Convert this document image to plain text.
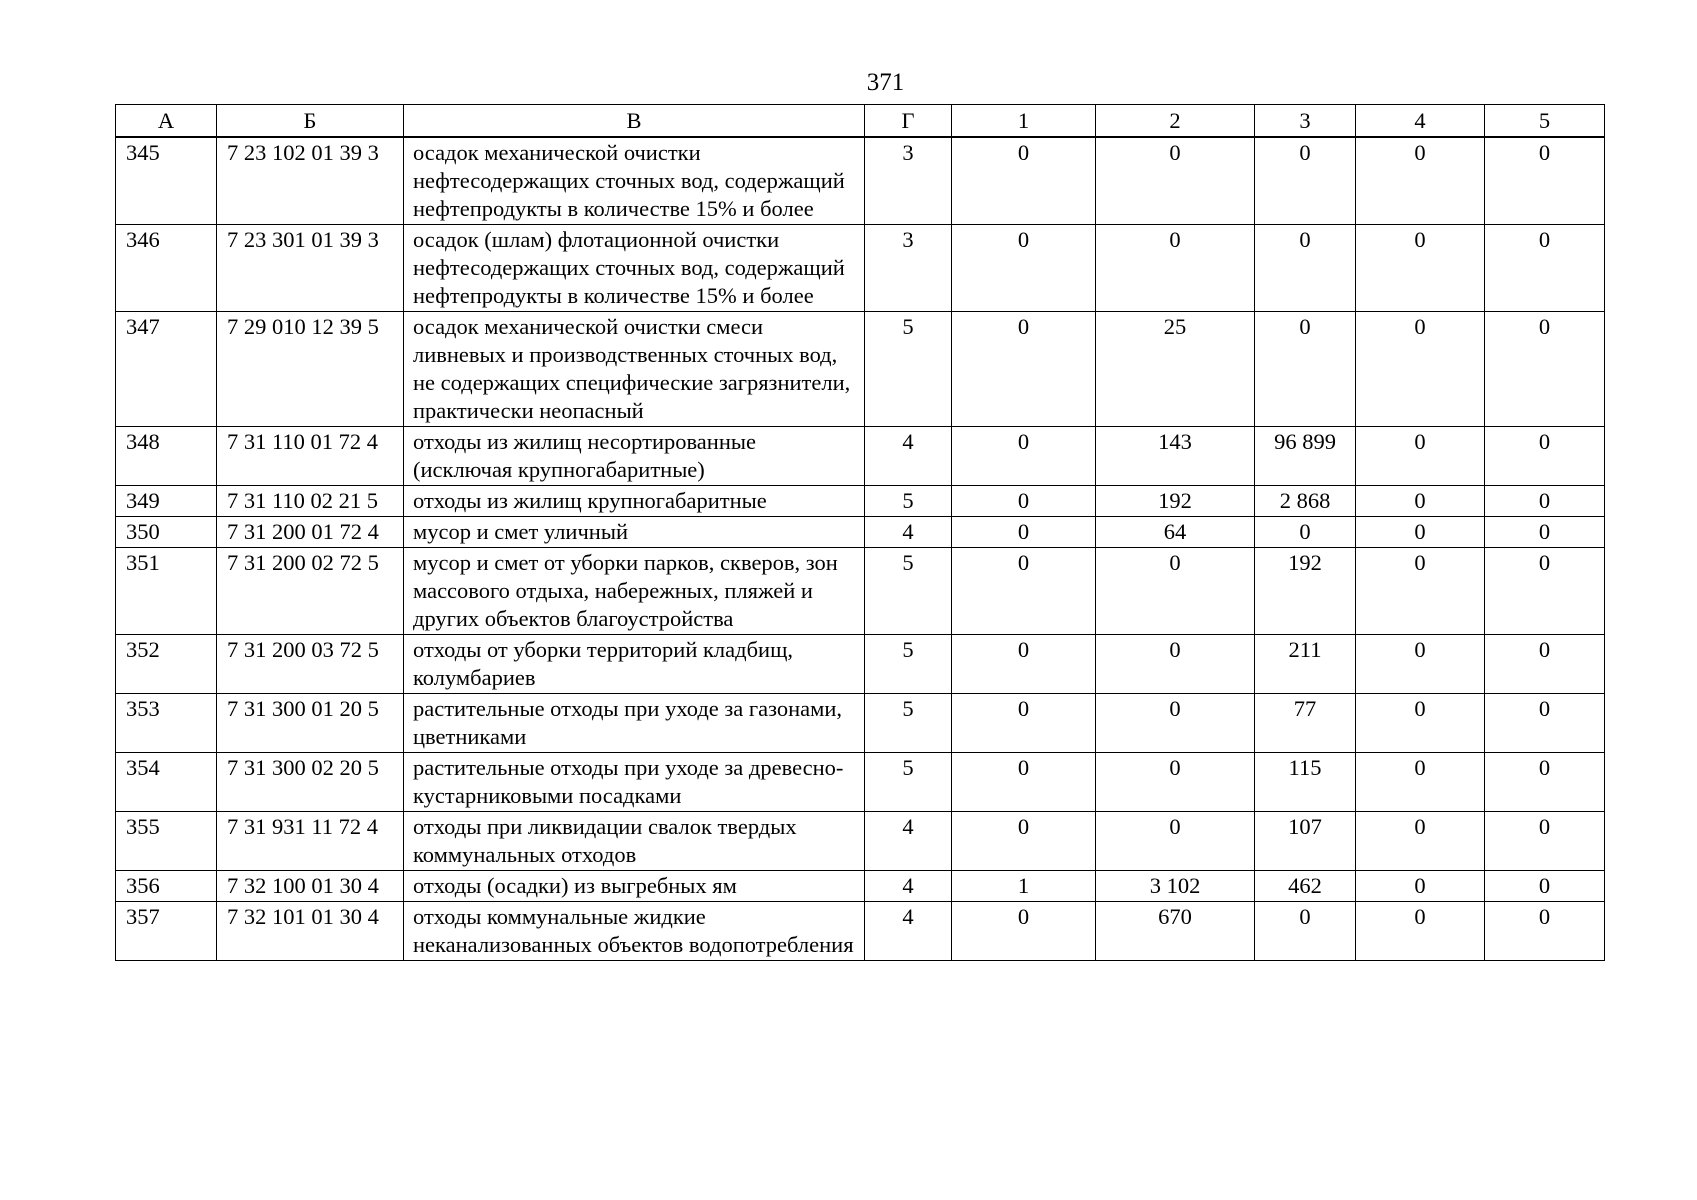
371
А	Б	В	Г	1	2	3	4	5
345	7 23 102 01 39 3	осадок механической очистки нефтесодержащих сточных вод, содержащий нефтепродукты в количестве 15% и более	3	0	0	0	0	0
346	7 23 301 01 39 3	осадок (шлам) флотационной очистки нефтесодержащих сточных вод, содержащий нефтепродукты в количестве 15% и более	3	0	0	0	0	0
347	7 29 010 12 39 5	осадок механической очистки смеси ливневых и производственных сточных вод, не содержащих специфические загрязнители, практически неопасный	5	0	25	0	0	0
348	7 31 110 01 72 4	отходы из жилищ несортированные (исключая крупногабаритные)	4	0	143	96 899	0	0
349	7 31 110 02 21 5	отходы из жилищ крупногабаритные	5	0	192	2 868	0	0
350	7 31 200 01 72 4	мусор и смет уличный	4	0	64	0	0	0
351	7 31 200 02 72 5	мусор и смет от уборки парков, скверов, зон массового отдыха, набережных, пляжей и других объектов благоустройства	5	0	0	192	0	0
352	7 31 200 03 72 5	отходы от уборки территорий кладбищ, колумбариев	5	0	0	211	0	0
353	7 31 300 01 20 5	растительные отходы при уходе за газонами, цветниками	5	0	0	77	0	0
354	7 31 300 02 20 5	растительные отходы при уходе за древесно-кустарниковыми посадками	5	0	0	115	0	0
355	7 31 931 11 72 4	отходы при ликвидации свалок твердых коммунальных отходов	4	0	0	107	0	0
356	7 32 100 01 30 4	отходы (осадки) из выгребных ям	4	1	3 102	462	0	0
357	7 32 101 01 30 4	отходы коммунальные жидкие неканализованных объектов водопотребления	4	0	670	0	0	0
